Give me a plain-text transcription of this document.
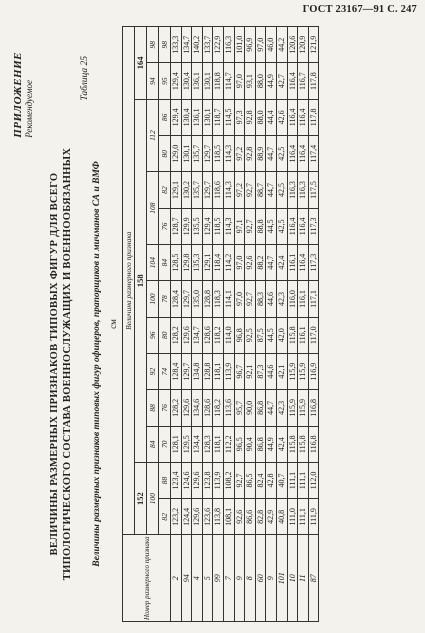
ГОСТ 23167—91 С. 247
ПРИЛОЖЕНИЕ Рекомендуемое
ВЕЛИЧИНЫ РАЗМЕРНЫХ ПРИЗНАКОВ ТИПОВЫХ ФИГУР ДЛЯ ВСЕГО ТИПОЛОГИЧЕСКОГО СОСТАВА ВОЕННОСЛУЖАЩИХ И ВОЕННООБЯЗАННЫХ
Таблица 25
Величины размерных признаков типовых фигур офицеров, прапорщиков и мичманов СА и ВМФ см
Номер размерного признака	Величина размерного признака													
	152		158										164	
	100		84	88	92	96	100	104	108		112		94	98
	82	88	70	76	74	80	78	84	76	82	80	86	95	98
2	123,2	123,4	128,1	128,2	128,4	128,2	128,4	128,5	128,7	129,1	129,0	129,4	129,4	133,3
94	124,4	124,6	129,5	129,6	129,7	129,6	129,7	129,8	129,9	130,2	130,1	130,4	130,4	134,7
4	129,6	129,6	134,4	134,6	134,8	134,7	135,0	135,3	135,5	135,7	135,7	136,1	136,1	140,2
5	123,6	123,8	128,3	128,6	128,8	128,6	128,8	129,1	129,4	129,7	129,7	130,1	130,1	133,7
99	113,8	113,9	118,1	118,2	118,1	118,2	118,3	118,4	118,5	118,6	118,5	118,7	118,8	122,9
7	108,1	108,2	112,2	113,6	113,9	114,0	114,1	114,2	114,3	114,3	114,3	114,5	114,7	116,3
9	92,6	92,7	96,5	95,7	96,7	96,8	97,0	97,0	97,1	97,2	97,2	97,3	97,0	101,0
8	86,6	86,5	90,4	90,0	92,1	92,5	92,7	92,6	92,7	92,7	92,8	92,8	93,1	96,9
60	82,8	82,4	86,8	86,8	87,3	87,5	88,3	88,2	88,8	88,7	88,9	88,0	88,0	97,0
9	42,9	42,8	44,9	44,7	44,6	44,5	44,6	44,7	44,5	44,7	44,7	44,4	44,9	46,0
101	40,8	40,7	42,4	42,3	42,1	42,0	42,3	42,4	42,5	42,5	42,5	42,6	42,7	44,2
10	111,0	111,1	115,8	115,9	115,9	115,8	116,0	116,1	116,4	116,3	116,4	116,4	116,4	120,6
11	111,1	111,1	115,8	115,9	115,9	116,1	116,1	116,4	116,4	116,3	116,4	116,4	116,7	120,9
87	111,9	112,0	116,8	116,8	116,9	117,0	117,1	117,3	117,3	117,5	117,4	117,8	117,8	121,9
